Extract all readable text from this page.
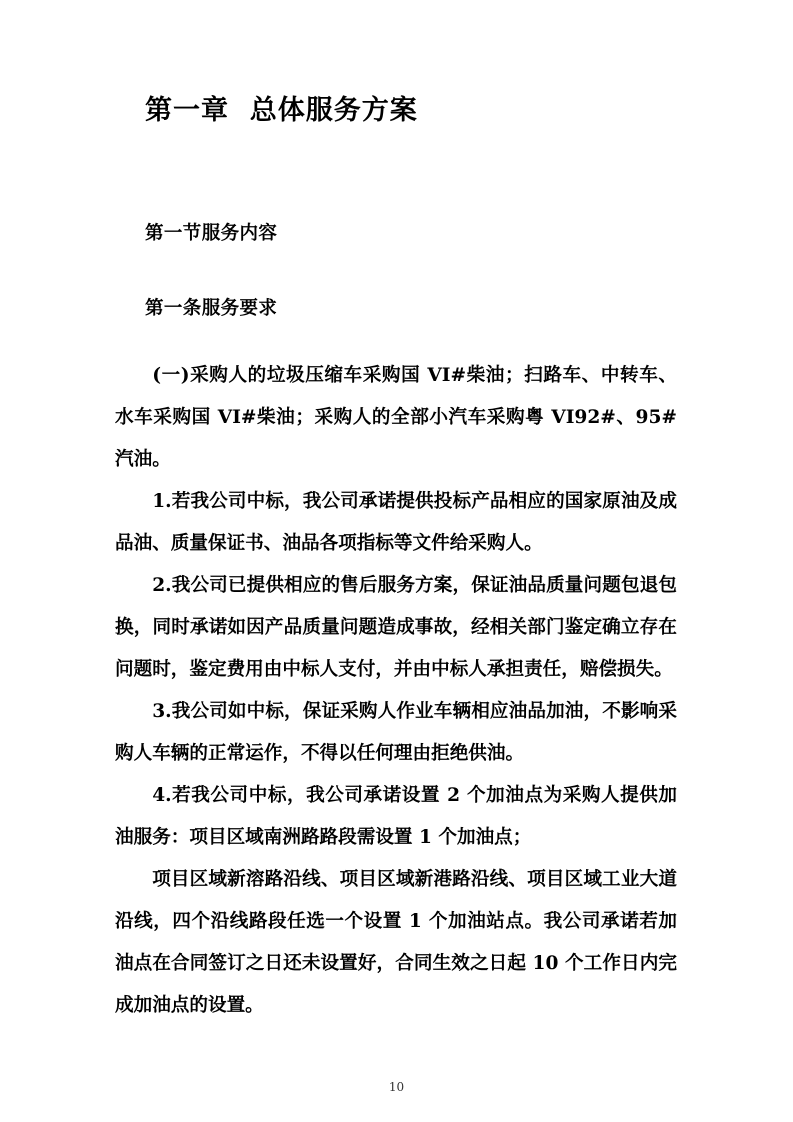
第一章  总体服务方案
第一节服务内容
第一条服务要求

(一)采购人的垃圾压缩车采购国 VI#柴油；扫路车、中转车、水车采购国 VI#柴油；采购人的全部小汽车采购粤 VI92#、95#汽油。

1.若我公司中标，我公司承诺提供投标产品相应的国家原油及成品油、质量保证书、油品各项指标等文件给采购人。

2.我公司已提供相应的售后服务方案，保证油品质量问题包退包换，同时承诺如因产品质量问题造成事故，经相关部门鉴定确立存在问题时，鉴定费用由中标人支付，并由中标人承担责任，赔偿损失。

3.我公司如中标，保证采购人作业车辆相应油品加油，不影响采购人车辆的正常运作，不得以任何理由拒绝供油。

4.若我公司中标，我公司承诺设置 2 个加油点为采购人提供加油服务：项目区域南洲路路段需设置 1 个加油点；

项目区域新溶路沿线、项目区域新港路沿线、项目区域工业大道沿线，四个沿线路段任选一个设置 1 个加油站点。我公司承诺若加油点在合同签订之日还未设置好，合同生效之日起 10 个工作日内完成加油点的设置。

10
